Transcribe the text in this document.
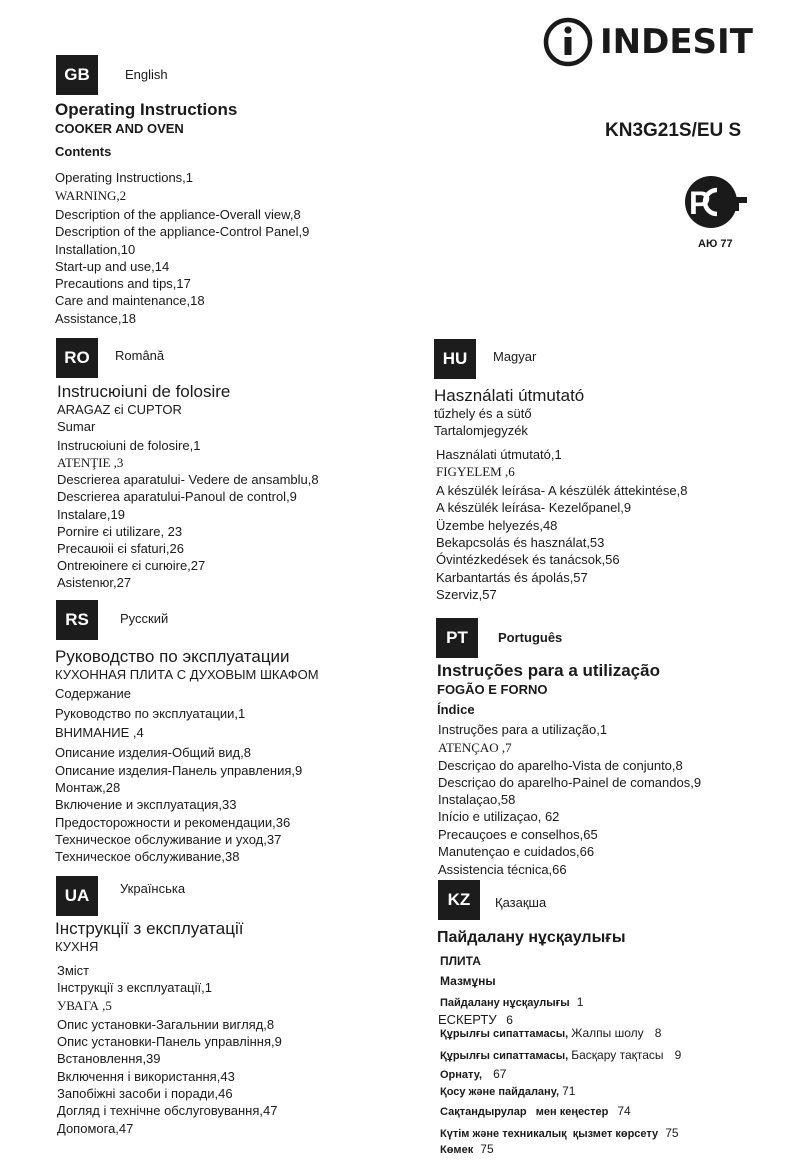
INDESIT
KN3G21S/EU S
P
АЮ 77
GB	English
Operating Instructions
COOKER AND OVEN
Contents
Operating Instructions,1
WARNING,2
Description of the appliance-Overall view,8
Description of the appliance-Control Panel,9
Installation,10
Start-up and use,14
Precautions and tips,17
Care and maintenance,18
Assistance,18
RO	Română
Instrucюiuni de folosire
ARAGAZ єi CUPTOR
Sumar
Instrucюiuni de folosire,1
ATENŢIE ,3
Descrierea aparatului- Vedere de ansamblu,8
Descrierea aparatului-Panoul de control,9
Instalare,19
Pornire єi utilizare, 23
Precauюii єi sfaturi,26
Ontreюinere єi curюire,27
Asistenюr,27
RS	Русский
Руководство по эксплуатации
КУХОННАЯ ПЛИТА С ДУХОВЫМ ШКАФОМ
Содержание
Руководство по эксплуатации,1
ВНИМАНИЕ ,4
Описание изделия-Общий вид,8
Описание изделия-Панель управления,9
Монтаж,28
Включение и эксплуатация,33
Предосторожности и рекомендации,36
Техническое обслуживание и уход,37
Техническое обслуживание,38
UA	Українська
Інструкції з експлуатації
КУХНЯ
Зміст
Інструкції з експлуатації,1
УВАГА ,5
Опис установки-Загальнии вигляд,8
Опис установки-Панель управління,9
Встановлення,39
Включення і використання,43
Запобіжні засоби і поради,46
Догляд і технічне обслуговування,47
Допомога,47
HU	Magyar
Használati útmutató
tűzhely és a sütő
Tartalomjegyzék
Használati útmutató,1
FIGYELEM ,6
A készülék leírása- A készülék áttekintése,8
A készülék leírása- Kezelőpanel,9
Üzembe helyezés,48
Bekapcsolás és használat,53
Óvintézkedések és tanácsok,56
Karbantartás és ápolás,57
Szerviz,57
PT	Português
Instruções para a utilização
FOGÃO E FORNO
Índice
Instruções para a utilização,1
ATENÇAO ,7
Descriçao do aparelho-Vista de conjunto,8
Descriçao do aparelho-Painel de comandos,9
Instalaçao,58
Início e utilizaçao, 62
Precauçoes e conselhos,65
Manutençao e cuidados,66
Assistencia técnica,66
KZ	Қазақша
Пайдалану нұсқаулығы
ПЛИТА
Мазмұны
Пайдалану нұсқаулығы 1
ЕСКЕРТУ 6
Құрылғы сипаттамасы, Жалпы шолу 8
Құрылғы сипаттамасы, Басқару тақтасы 9
Орнату, 67
Қосу және пайдалану, 71
Сақтандырулар   мен кеңестер 74
Күтім және техникалық  қызмет көрсету 75
Көмек 75
